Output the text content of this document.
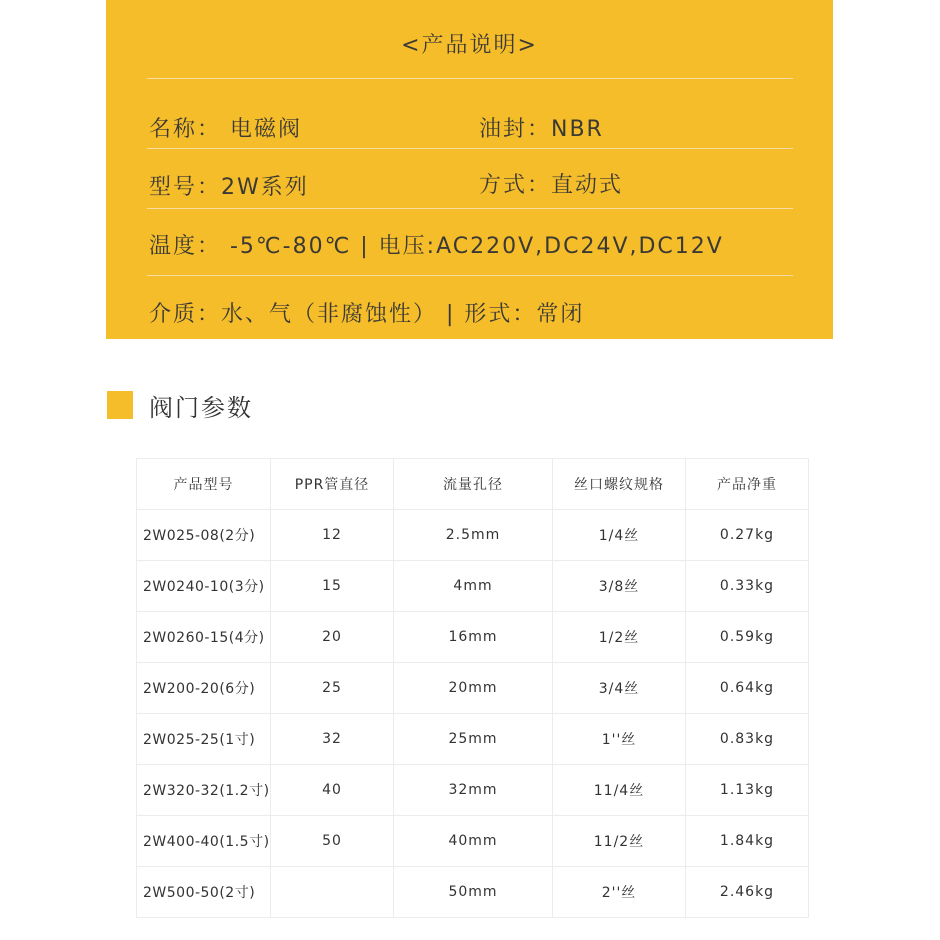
<产品说明>
名称： 电磁阀	油封：NBR
型号：2W系列	方式：直动式
温度： -5℃-80℃ | 电压:AC220V,DC24V,DC12V
介质：水、气（非腐蚀性） | 形式：常闭
阀门参数
产品型号	PPR管直径	流量孔径	丝口螺纹规格	产品净重
2W025-08(2分)	12	2.5mm	1/4丝	0.27kg
2W0240-10(3分)	15	4mm	3/8丝	0.33kg
2W0260-15(4分)	20	16mm	1/2丝	0.59kg
2W200-20(6分)	25	20mm	3/4丝	0.64kg
2W025-25(1寸)	32	25mm	1''丝	0.83kg
2W320-32(1.2寸)	40	32mm	11/4丝	1.13kg
2W400-40(1.5寸)	50	40mm	11/2丝	1.84kg
2W500-50(2寸)		50mm	2''丝	2.46kg
